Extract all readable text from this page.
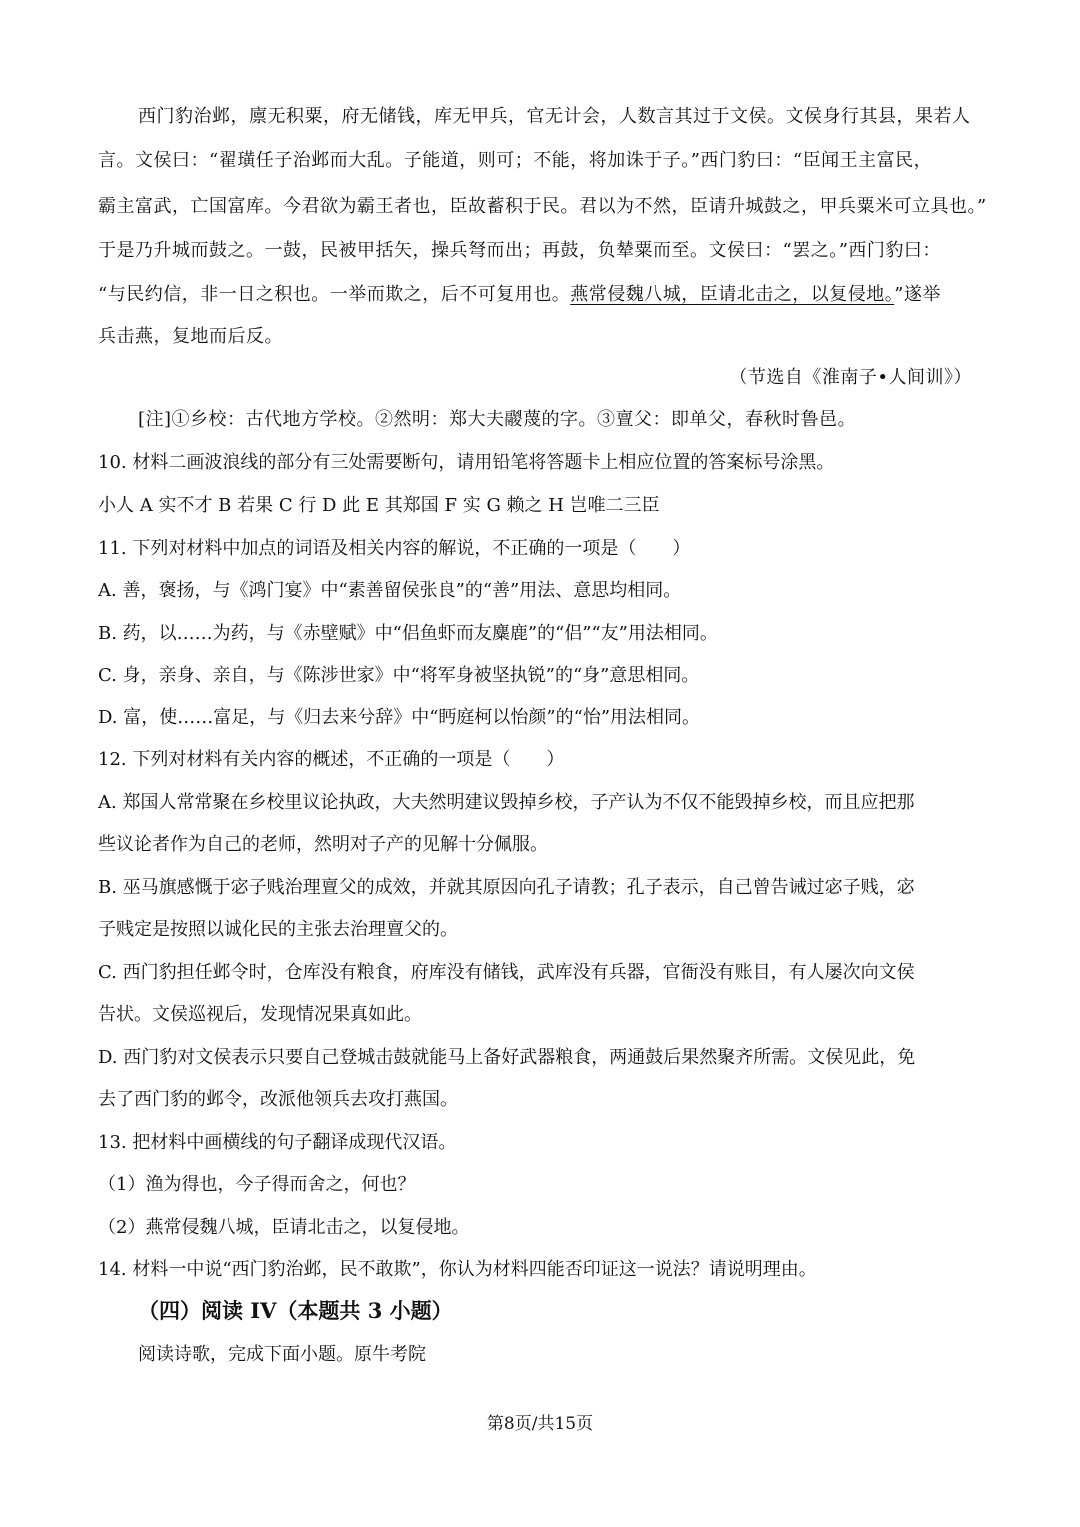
西门豹治邺，廪无积粟，府无储钱，库无甲兵，官无计会，人数言其过于文侯。文侯身行其县，果若人
言。文侯曰：“翟璜任子治邺而大乱。子能道，则可；不能，将加诛于子。”西门豹曰：“臣闻王主富民，
霸主富武，亡国富库。今君欲为霸王者也，臣故蓄积于民。君以为不然，臣请升城鼓之，甲兵粟米可立具也。”
于是乃升城而鼓之。一鼓，民被甲括矢，操兵弩而出；再鼓，负辇粟而至。文侯曰：“罢之。”西门豹曰：
“与民约信，非一日之积也。一举而欺之，后不可复用也。燕常侵魏八城，臣请北击之，以复侵地。”遂举
兵击燕，复地而后反。
（节选自《淮南子•人间训》）
[注]①乡校：古代地方学校。②然明：郑大夫鬷蔑的字。③亶父：即单父，春秋时鲁邑。
10. 材料二画波浪线的部分有三处需要断句，请用铅笔将答题卡上相应位置的答案标号涂黑。
小人 A 实不才 B 若果 C 行 D 此 E 其郑国 F 实 G 赖之 H 岂唯二三臣
11. 下列对材料中加点的词语及相关内容的解说，不正确的一项是（　　）
A. 善，褒扬，与《鸿门宴》中“素善留侯张良”的“善”用法、意思均相同。
B. 药，以……为药，与《赤壁赋》中“侣鱼虾而友麋鹿”的“侣”“友”用法相同。
C. 身，亲身、亲自，与《陈涉世家》中“将军身被坚执锐”的“身”意思相同。
D. 富，使……富足，与《归去来兮辞》中“眄庭柯以怡颜”的“怡”用法相同。
12. 下列对材料有关内容的概述，不正确的一项是（　　）
A. 郑国人常常聚在乡校里议论执政，大夫然明建议毁掉乡校，子产认为不仅不能毁掉乡校，而且应把那
些议论者作为自己的老师，然明对子产的见解十分佩服。
B. 巫马旗感慨于宓子贱治理亶父的成效，并就其原因向孔子请教；孔子表示，自己曾告诫过宓子贱，宓
子贱定是按照以诚化民的主张去治理亶父的。
C. 西门豹担任邺令时，仓库没有粮食，府库没有储钱，武库没有兵器，官衙没有账目，有人屡次向文侯
告状。文侯巡视后，发现情况果真如此。
D. 西门豹对文侯表示只要自己登城击鼓就能马上备好武器粮食，两通鼓后果然聚齐所需。文侯见此，免
去了西门豹的邺令，改派他领兵去攻打燕国。
13. 把材料中画横线的句子翻译成现代汉语。
（1）渔为得也，今子得而舍之，何也？
（2）燕常侵魏八城，臣请北击之，以复侵地。
14. 材料一中说“西门豹治邺，民不敢欺”，你认为材料四能否印证这一说法？请说明理由。
（四）阅读 IV（本题共 3 小题）
阅读诗歌，完成下面小题。原牛考院
第8页/共15页
